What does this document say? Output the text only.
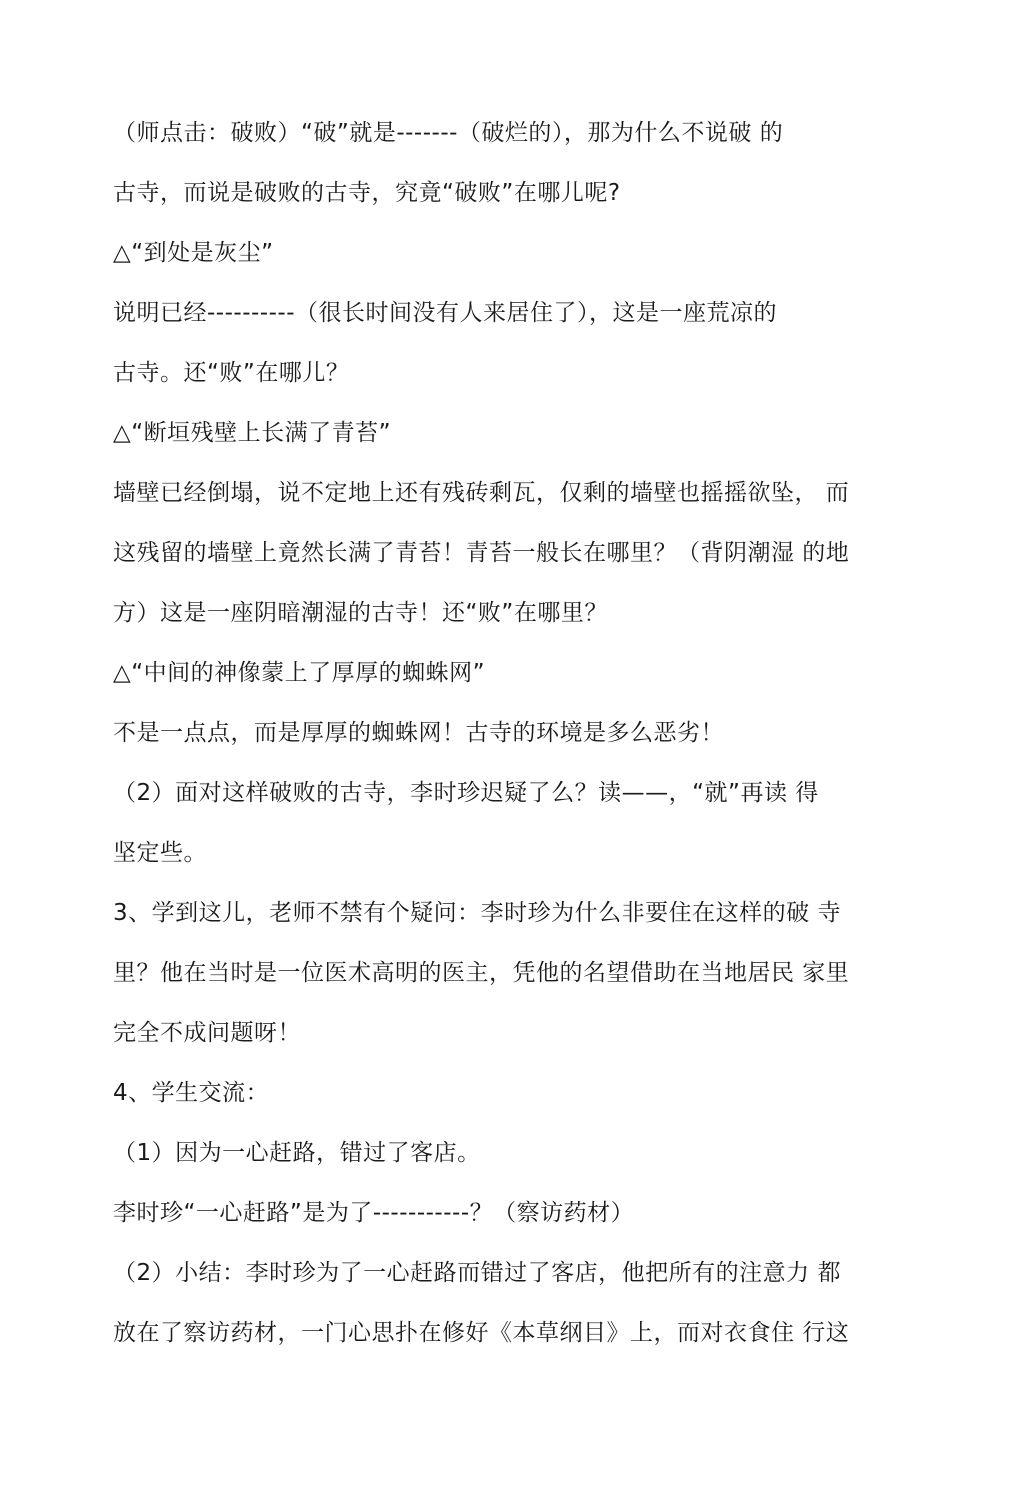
（师点击：破败）“破”就是-------（破烂的），那为什么不说破 的
古寺，而说是破败的古寺，究竟“破败”在哪儿呢?
△“到处是灰尘”
说明已经----------（很长时间没有人来居住了），这是一座荒凉的
古寺。还“败”在哪儿？
△“断垣残壁上长满了青苔”
墙壁已经倒塌，说不定地上还有残砖剩瓦，仅剩的墙壁也摇摇欲坠， 而
这残留的墙壁上竟然长满了青苔！青苔一般长在哪里？（背阴潮湿 的地
方）这是一座阴暗潮湿的古寺！还“败”在哪里？
△“中间的神像蒙上了厚厚的蜘蛛网”
不是一点点，而是厚厚的蜘蛛网！古寺的环境是多么恶劣！
（2）面对这样破败的古寺，李时珍迟疑了么？读——，“就”再读 得
坚定些。
3、学到这儿，老师不禁有个疑问：李时珍为什么非要住在这样的破 寺
里？他在当时是一位医术高明的医主，凭他的名望借助在当地居民 家里
完全不成问题呀！
4、学生交流：
（1）因为一心赶路，错过了客店。
李时珍“一心赶路”是为了-----------？（察访药材）
（2）小结：李时珍为了一心赶路而错过了客店，他把所有的注意力 都
放在了察访药材，一门心思扑在修好《本草纲目》上，而对衣食住 行这
